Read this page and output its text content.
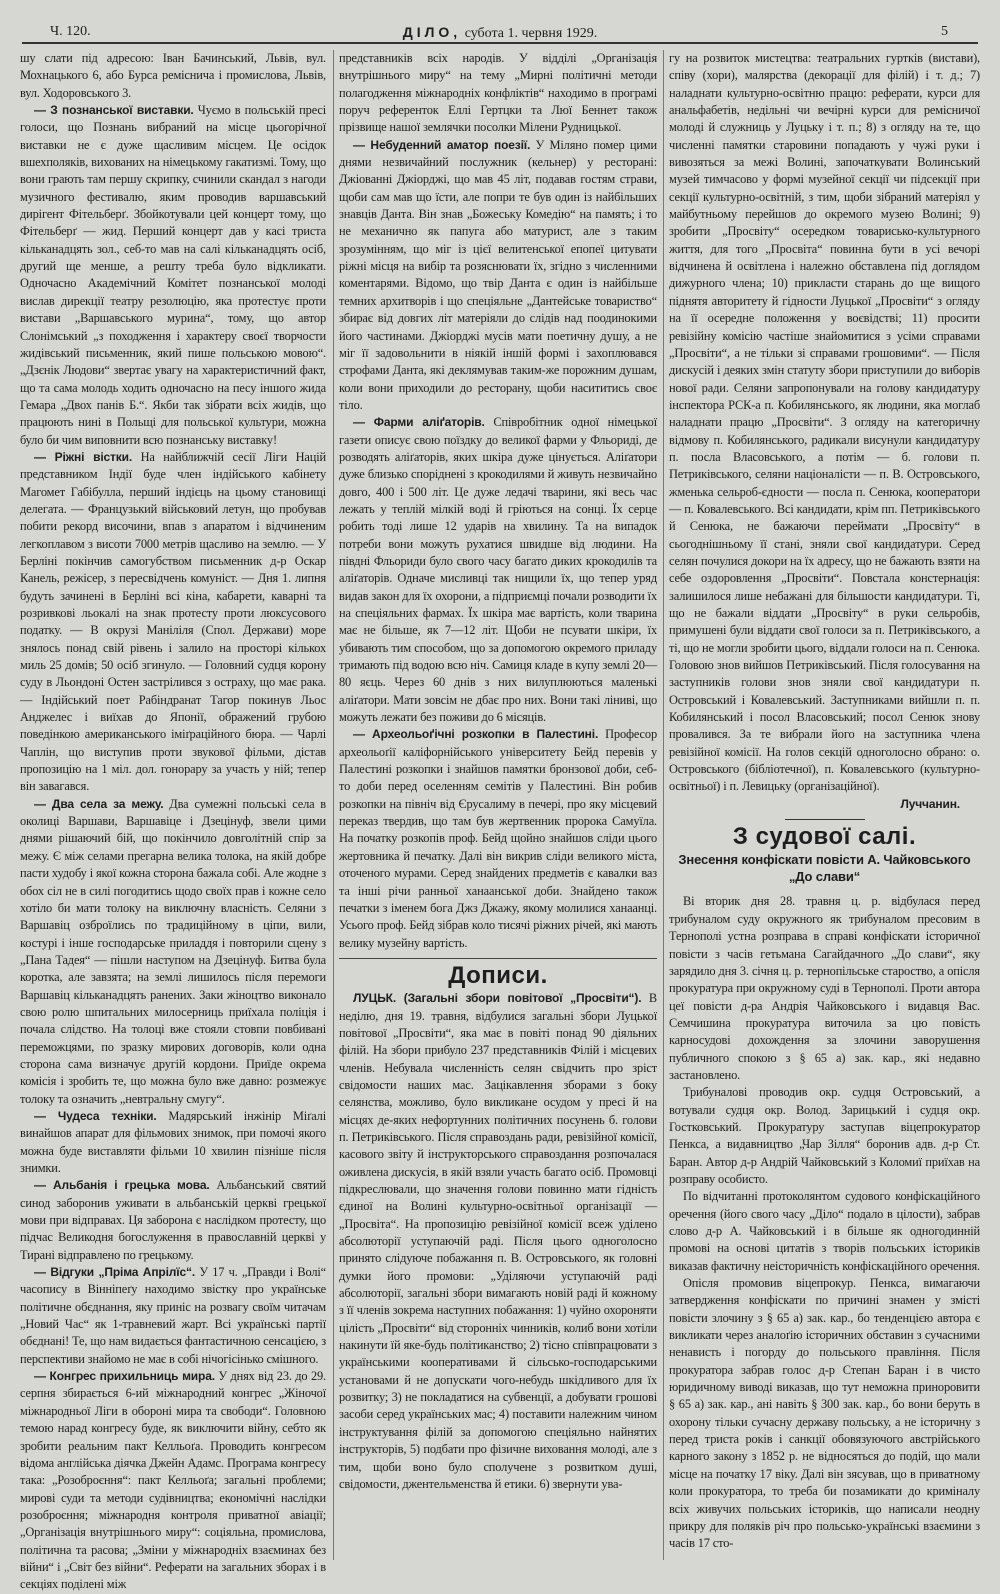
Ч. 120.	ДІЛО, субота 1. червня 1929.	5

шу слати під адресою: Іван Бачинський, Львів, вул. Мохнацького 6, або Бурса реміснича і промислова, Львів, вул. Ходоровського 3.

— З познанської виставки. Чуємо в польській пресі голоси, що Познань вибраний на місце цьогорічної виставки не є дуже щасливим місцем. Це осідок вшехполяків, вихованих на німецькому гакатизмі. Тому, що вони грають там першу скрипку, счинили скандал з нагоди музичного фестивалю, яким проводив варшавський дирігент Фітельберґ. Збойкотували цей концерт тому, що Фітельберґ — жид. Перший концерт дав у касі триста кільканадцять зол., себ-то мав на салі кільканадцять осіб, другий ще менше, а решту треба було відкликати. Одночасно Академічний Комітет познанської молоді вислав дирекції театру резолюцію, яка протестує проти вистави „Варшавського мурина“, тому, що автор Слонімський „з походження і характеру своєї творчости жидівський письменник, який пише польською мовою“. „Дзєнік Людови“ звертає увагу на характеристичний факт, що та сама молодь ходить одночасно на песу іншого жида Гемара „Двох панів Б.“. Якби так зібрати всіх жидів, що працюють нині в Польщі для польської культури, можна було би чим виповнити всю познанську виставку!

— Ріжні вістки. На найближчій сесії Ліги Націй представником Індії буде член індійського кабінету Магомет Габібулла, перший індієць на цьому становищі делегата. — Французький військовий летун, що пробував побити рекорд височини, впав з апаратом і відчиненим легкоплавом з висоти 7000 метрів щасливо на землю. — У Берліні покінчив самогубством письменник д-р Оскар Канель, режісер, з пересвідчень комуніст. — Дня 1. липня будуть зачинені в Берліні всі кіна, кабарети, каварні та розривкові льокалі на знак протесту проти люксусового податку. — В окрузі Маніліля (Спол. Держави) море знялось понад свій рівень і залило на просторі кількох миль 25 домів; 50 осіб згинуло. — Головний судця корону суду в Льондоні Остен застрілився з остраху, що має рака. — Індійський поет Рабіндранат Тагор покинув Льос Анджелес і виїхав до Японії, ображений грубою поведінкою американського іміґраційного бюра. — Чарлі Чаплін, що виступив проти звукової фільми, дістав пропозицію на 1 міл. дол. гонорару за участь у ній; тепер він завагався.

— Два села за межу. Два сумежні польські села в околиці Варшави, Варшавіце і Дзецінуф, звели цими днями рішаючий бій, що покінчило довголітній спір за межу. Є між селами прегарна велика толока, на якій добре пасти худобу і якої кожна сторона бажала собі. Але жодне з обох сіл не в силі погодитись щодо своїх прав і кожне село хотіло би мати толоку на виключну власність. Селяни з Варшавіц озброїлись по традиційному в ціпи, вили, костурі і інше господарське приладдя і повторили сцену з „Пана Тадея“ — пішли наступом на Дзецінуф. Битва була коротка, але завзята; на землі лишилось після перемоги Варшавіц кільканадцять ранених. Заки жіноцтво виконало свою ролю шпитальних милосерниць приїхала поліція і почала слідство. На толоці вже стояли стовпи повбивані переможцями, по зразку мирових договорів, коли одна сторона сама визначує другій кордони. Приїде окрема комісія і зробить те, що можна було вже давно: розмежує толоку та означить „невтральну смугу“.

— Чудеса техніки. Мадярський інжінір Міґалі винайшов апарат для фільмових знимок, при помочі якого можна буде виставляти фільми 10 хвилин пізніше після знимки.

— Альбанія і грецька мова. Альбанський святий синод заборонив уживати в альбанській церкві грецької мови при відправах. Ця заборона є наслідком протесту, що підчас Великодня богослуження в православній церкві у Тирані відправлено по грецькому.

— Відгуки „Пріма Апрілїс“. У 17 ч. „Правди і Волі“ часопису в Вінніпеґу находимо звістку про українське політичне обєднання, яку приніс на розвагу своїм читачам „Новий Час“ як 1-травневий жарт. Всі українські партії обєднані! Те, що нам видається фантастичною сенсацією, з перспективи знайомо не має в собі нічогісінько смішного.

— Конгрес прихильниць мира. У днях від 23. до 29. серпня збирається 6-ий міжнародний конгрес „Жіночої міжнародньої Ліги в обороні мира та свободи“. Головною темою нарад конгресу буде, як виключити війну, себто як зробити реальним пакт Келльоґа. Проводить конгресом відома англійська діячка Джейн Адамс. Програма конгресу така: „Розоброєння“: пакт Келльоґа; загальні проблеми; мирові суди та методи судівництва; економічні наслідки розоброєння; міжнародня контроля приватної авіації; „Організація внутрішнього миру“: соціяльна, промислова, політична та расова; „Зміни у міжнародніх взаєминах без війни“ і „Світ без війни“. Реферати на загальних зборах і в секціях поділені між

представників всіх народів. У відділі „Організація внутрішнього миру“ на тему „Мирні політичні методи полагодження міжнародніх конфліктів“ находимо в програмі поруч референток Еллі Гертцки та Люї Беннет також прізвище нашої землячки посолки Мілени Рудницької.

— Небуденний аматор поезії. У Міляно помер цими днями незвичайний послужник (кельнер) у ресторані: Джіованні Джіорджі, що мав 45 літ, подавав гостям страви, щоби сам мав що їсти, але попри те був один із найбільших знавців Данта. Він знав „Божеську Комедію“ на память; і то не механично як папуга або матурист, але з таким зрозумінням, що міг із цієї велитенської епопеї цитувати ріжні місця на вибір та розяснювати їх, згідно з численними коментарями. Відомо, що твір Данта є один із найбільше темних архитворів і що спеціяльне „Дантейське товариство“ збирає від довгих літ матеріяли до слідів над поодинокими його частинами. Джіорджі мусів мати поетичну душу, а не міг її задовольнити в ніякій іншій формі і захоплювався строфами Данта, які деклямував таким-же порожним душам, коли вони приходили до ресторану, щоби насититись своє тіло.

— Фарми аліґаторів. Співробітник одної німецької газети описує свою поїздку до великої фарми у Фльориді, де розводять аліґаторів, яких шкіра дуже цінується. Аліґатори дуже близько споріднені з крокодилями й живуть незвичайно довго, 400 і 500 літ. Це дуже ледачі тварини, які весь час лежать у теплій мілкій воді й гріються на сонці. Їх серце робить тоді лише 12 ударів на хвилину. Та на випадок потреби вони можуть рухатися швидше від людини. На півдні Фльориди було свого часу багато диких крокодилів та аліґаторів. Одначе мисливці так нищили їх, що тепер уряд видав закон для їх охорони, а підприємці почали розводити їх на спеціяльних фармах. Їх шкіра має вартість, коли тварина має не більше, як 7—12 літ. Щоби не псувати шкіри, їх убивають тим способом, що за допомогою окремого приладу тримають під водою всю ніч. Самиця кладе в купу землі 20—80 яєць. Через 60 днів з них вилуплюються маленькі аліґатори. Мати зовсім не дбає про них. Вони такі ліниві, що можуть лежати без поживи до 6 місяців.

— Археольоґічні розкопки в Палестині. Професор археольоґії каліфорнійського університету Бейд перевів у Палестині розкопки і знайшов памятки бронзової доби, себ-то доби перед оселенням семітів у Палестині. Він робив розкопки на північ від Єрусалиму в печері, про яку місцевий переказ твердив, що там був жертвенник пророка Самуїла. На початку розкопів проф. Бейд щойно знайшов сліди цього жертовника й печатку. Далі він викрив сліди великого міста, оточеного мурами. Серед знайдених предметів є кавалки ваз та інші річи ранньої ханаанської доби. Знайдено також печатки з іменем бога Джз Джажу, якому молилися ханаанці. Усього проф. Бейд зібрав коло тисячі ріжних річей, які мають велику музейну вартість.

Дописи.

ЛУЦЬК. (Загальні збори повітової „Просвіти“). В неділю, дня 19. травня, відбулися загальні збори Луцької повітової „Просвіти“, яка має в повіті понад 90 діяльних філій. На збори прибуло 237 представників Філій і місцевих членів. Небувала численність селян свідчить про зріст свідомости наших мас. Зацікавлення зборами з боку селянства, можливо, було викликане осудом у пресі й на місцях де-яких нефортунних політичних посунень б. голови п. Петриківського. Після справоздань ради, ревізійної комісії, касового звіту й інструкторського справоздання розпочалася оживлена дискусія, в якій взяли участь багато осіб. Промовці підкреслювали, що значення голови повинно мати гідність єдиної на Волині культурно-освітньої організації — „Просвіта“. На пропозицію ревізійної комісії всеж уділено абсолюторії уступаючій раді. Після цього одноголосно принято слідуюче побажання п. В. Островського, як головні думки його промови: „Уділяючи уступаючій раді абсолюторії, загальні збори вимагають новій раді й кожному з її членів зокрема наступних побажання: 1) чуйно охороняти цілість „Просвіти“ від сторонніх чинників, колиб вони хотіли накинути їй яке-будь політиканство; 2) тісно співпрацювати з українськими кооперативами й сільсько-господарськими установами й не допускати чого-небудь шкідливого для їх розвитку; 3) не покладатися на субвенції, а добувати грошові засоби серед українських мас; 4) поставити належним чином інструктування філій за допомогою спеціяльно найнятих інструкторів, 5) подбати про фізичне виховання молоді, але з тим, щоби воно було сполучене з розвитком душі, свідомости, джентельменства й етики. 6) звернути ува-

гу на розвиток мистецтва: театральних гуртків (вистави), співу (хори), малярства (декорації для філій) і т. д.; 7) наладнати культурно-освітню працю: реферати, курси для анальфабетів, недільні чи вечірні курси для ремісничої молоді й служниць у Луцьку і т. п.; 8) з огляду на те, що численні памятки старовини попадають у чужі руки і вивозяться за межі Волині, започаткувати Волинський музей тимчасово у формі музейної секції чи підсекції при секції культурно-освітній, з тим, щоби зібраний матеріял у майбутньому перейшов до окремого музею Волині; 9) зробити „Просвіту“ осередком товарисько-культурного життя, для того „Просвіта“ повинна бути в усі вечорі відчинена й освітлена і належно обставлена під доглядом дижурного члена; 10) прикласти старань до ще вищого піднятя авторитету й гідности Луцької „Просвіти“ з огляду на її осередне положення у воєвідстві; 11) просити ревізійну комісію частіше знайомитися з усіми справами „Просвіти“, а не тільки зі справами грошовими“. — Після дискусій і деяких змін статуту збори приступили до виборів нової ради. Селяни запропонували на голову кандидатуру інспектора РСК-а п. Кобилянського, як людини, яка моглаб наладнати працю „Просвіти“. З огляду на категоричну відмову п. Кобилянського, радикали висунули кандидатуру п. посла Власовського, а потім — б. голови п. Петриківського, селяни націоналісти — п. В. Островського, жменька сельроб-єдности — посла п. Сенюка, кооператори — п. Ковалевського. Всі кандидати, крім пп. Петриківського й Сенюка, не бажаючи переймати „Просвіту“ в сьогоднішньому її стані, зняли свої кандидатури. Серед селян почулися докори на їх адресу, що не бажають взяти на себе оздоровлення „Просвіти“. Повстала констернація: залишилося лише небажані для більшости кандидатури. Ті, що не бажали віддати „Просвіту“ в руки сельробів, примушені були віддати свої голоси за п. Петриківського, а ті, що не могли зробити цього, віддали голоси на п. Сенюка. Головою знов вийшов Петриківський. Після голосування на заступників голови знов зняли свої кандидатури п. Островський і Ковалевський. Заступниками вийшли п. п. Кобилянський і посол Власовський; посол Сенюк знову провалився. За те вибрали його на заступника члена ревізійної комісії. На голов секцій одноголосно обрано: о. Островського (бібліотечної), п. Ковалевського (культурно-освітньої) і п. Левицьку (організаційної).

Луччанин.
З судової салі.
Знесення конфіскати повісти А. Чайковського „До слави“

Ві вторик дня 28. травня ц. р. відбулася перед трибуналом суду окружного як трибуналом пресовим в Тернополі устна розправа в справі конфіскати історичної повісти з часів гетьмана Сагайдачного „До слави“, яку зарядило дня 3. січня ц. р. тернопільське староство, а опісля прокуратура при окружному суді в Тернополі. Проти автора цеї повісти д-ра Андрія Чайковського і видавця Вас. Семчишина прокуратура виточила за цю повість карносудові дохождення за злочини заворушення публичного спокою з § 65 а) зак. кар., які недавно застановлено.

Трибуналові проводив окр. судця Островський, а вотували судця окр. Волод. Зарицький і судця окр. Гостковський. Прокуратуру заступав віцепрокуратор Пенкса, а видавництво „Чар Зілля“ боронив адв. д-р Ст. Баран. Автор д-р Андрій Чайковський з Коломиї приїхав на розправу особисто.

По відчитанні протоколянтом судового конфіскаційного оречення (його свого часу „Діло“ подало в цілости), забрав слово д-р А. Чайковський і в більше як одногодинній промові на основі цитатів з творів польських істориків виказав фактичну неісторичність конфіскаційного оречення.

Опісля промовив віцепрокур. Пенкса, вимагаючи затвердження конфіскати по причині знамен у змісті повісти злочину з § 65 а) зак. кар., бо тенденцією автора є викликати через аналоґію історичних обставин з сучасними ненависть і погорду до польського правління. Після прокуратора забрав голос д-р Степан Баран і в чисто юридичному виводі виказав, що тут неможна приноровити § 65 а) зак. кар., ані навіть § 300 зак. кар., бо вони беруть в охорону тільки сучасну державу польську, а не історичну з перед триста років і санкції обовязуючого австрійського карного закону з 1852 р. не відносяться до подій, що мали місце на початку 17 віку. Далі він зясував, що в приватному коли прокуратора, то треба би позамикати до криміналу всіх живучих польських істориків, що написали неодну прикру для поляків річ про польсько-українські взаємини з часів 17 сто-
